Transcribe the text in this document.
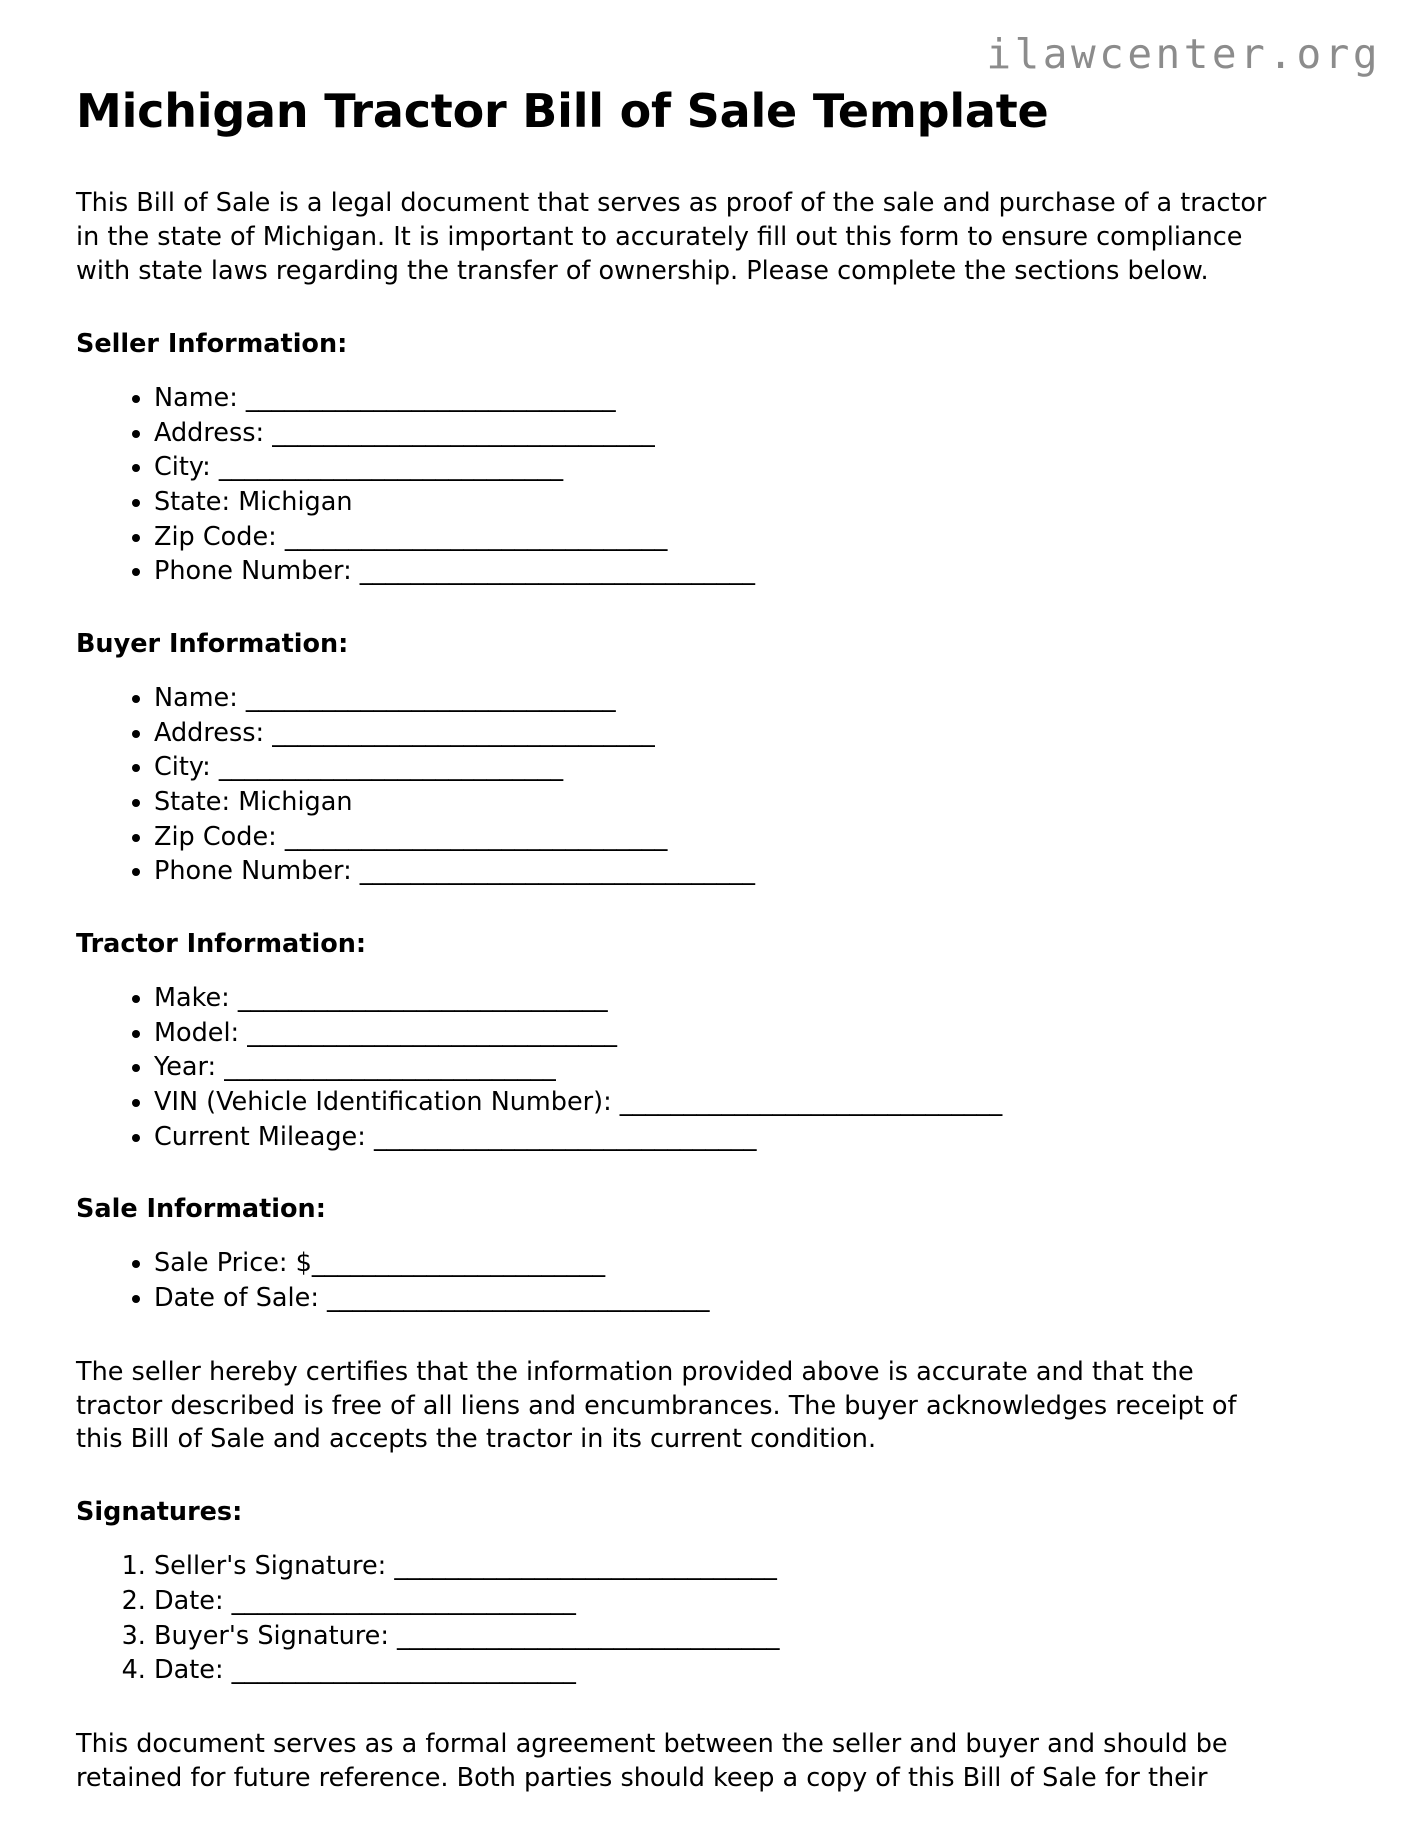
ilawcenter.org
Michigan Tractor Bill of Sale Template

This Bill of Sale is a legal document that serves as proof of the sale and purchase of a tractor in the state of Michigan. It is important to accurately fill out this form to ensure compliance with state laws regarding the transfer of ownership. Please complete the sections below.

Seller Information:
• Name: _____________________________
• Address: ______________________________
• City: ___________________________
• State: Michigan
• Zip Code: ______________________________
• Phone Number: _______________________________
Buyer Information:
• Name: _____________________________
• Address: ______________________________
• City: ___________________________
• State: Michigan
• Zip Code: ______________________________
• Phone Number: _______________________________
Tractor Information:
• Make: _____________________________
• Model: _____________________________
• Year: __________________________
• VIN (Vehicle Identification Number): ______________________________
• Current Mileage: ______________________________
Sale Information:
• Sale Price: $_______________________
• Date of Sale: ______________________________

The seller hereby certifies that the information provided above is accurate and that the tractor described is free of all liens and encumbrances. The buyer acknowledges receipt of this Bill of Sale and accepts the tractor in its current condition.

Signatures:
1. Seller's Signature: ______________________________
2. Date: ___________________________
3. Buyer's Signature: ______________________________
4. Date: ___________________________

This document serves as a formal agreement between the seller and buyer and should be retained for future reference. Both parties should keep a copy of this Bill of Sale for their
